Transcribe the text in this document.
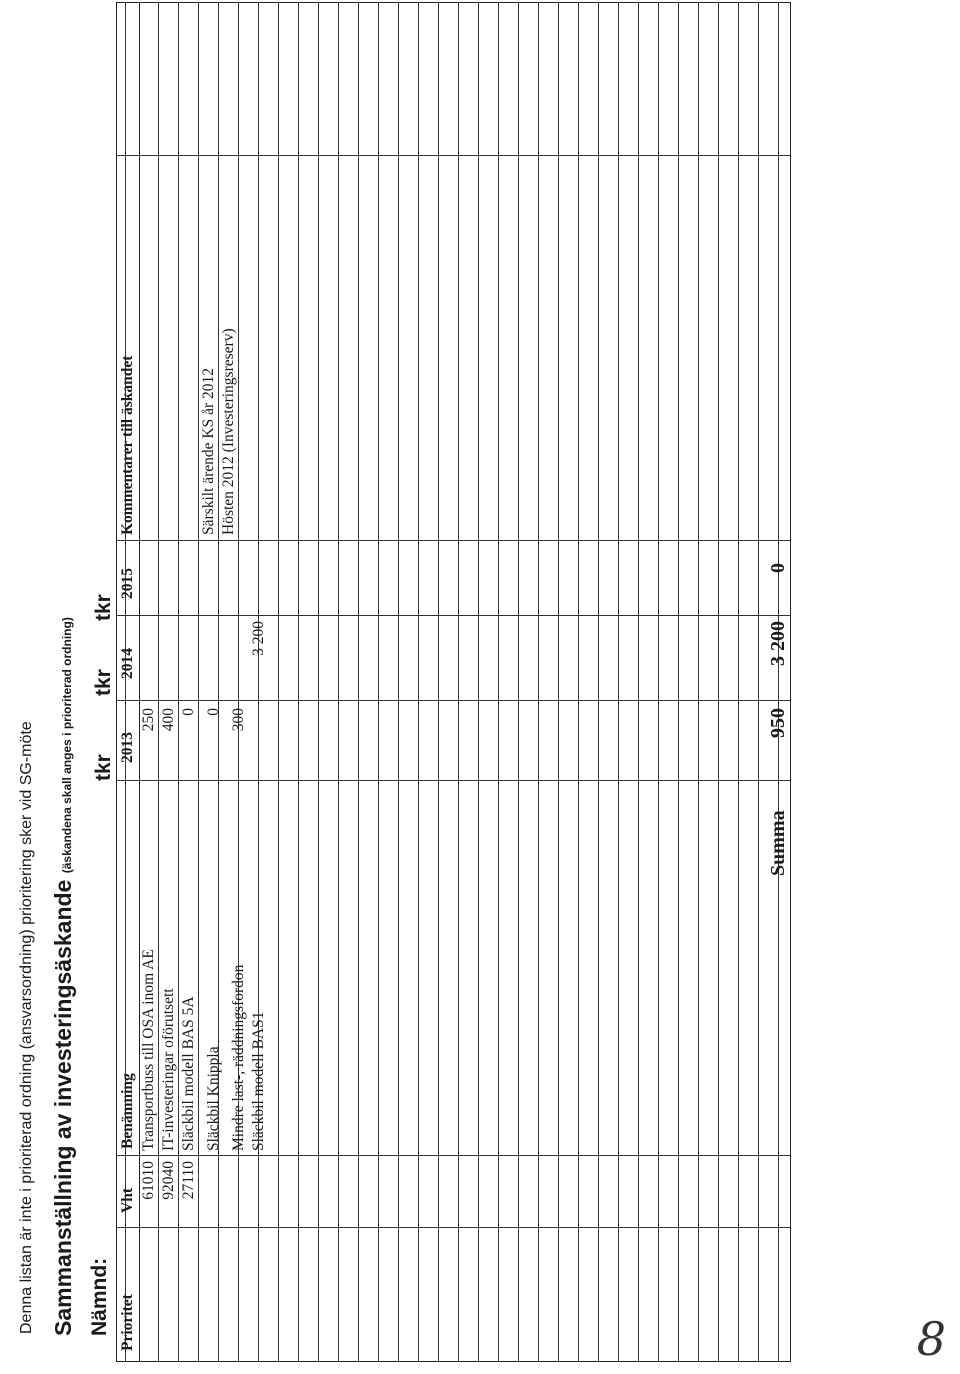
Denna listan är inte i prioriterad ordning (ansvarsordning) prioritering sker vid SG-möte Sammanställning av investeringsäskande (äskandena skall anges i prioriterad ordning)
Nämnd:
tkr
tkr
tkr
Prioritet
Vht
Benämning
2013
2014
2015
Kommentarer till äskandet
61010
Transportbuss till OSA inom AE
250
92040
IT-investeringar oförutsett
400
27110
Släckbil modell BAS 5A
0
Särskilt ärende KS år 2012
Släckbil Knippla
0
Hösten 2012 (Investeringsreserv)
Mindre last-, räddningsfordon
300
Släckbil modell BAS1
3 200
Summa
950
3 200
0
8
